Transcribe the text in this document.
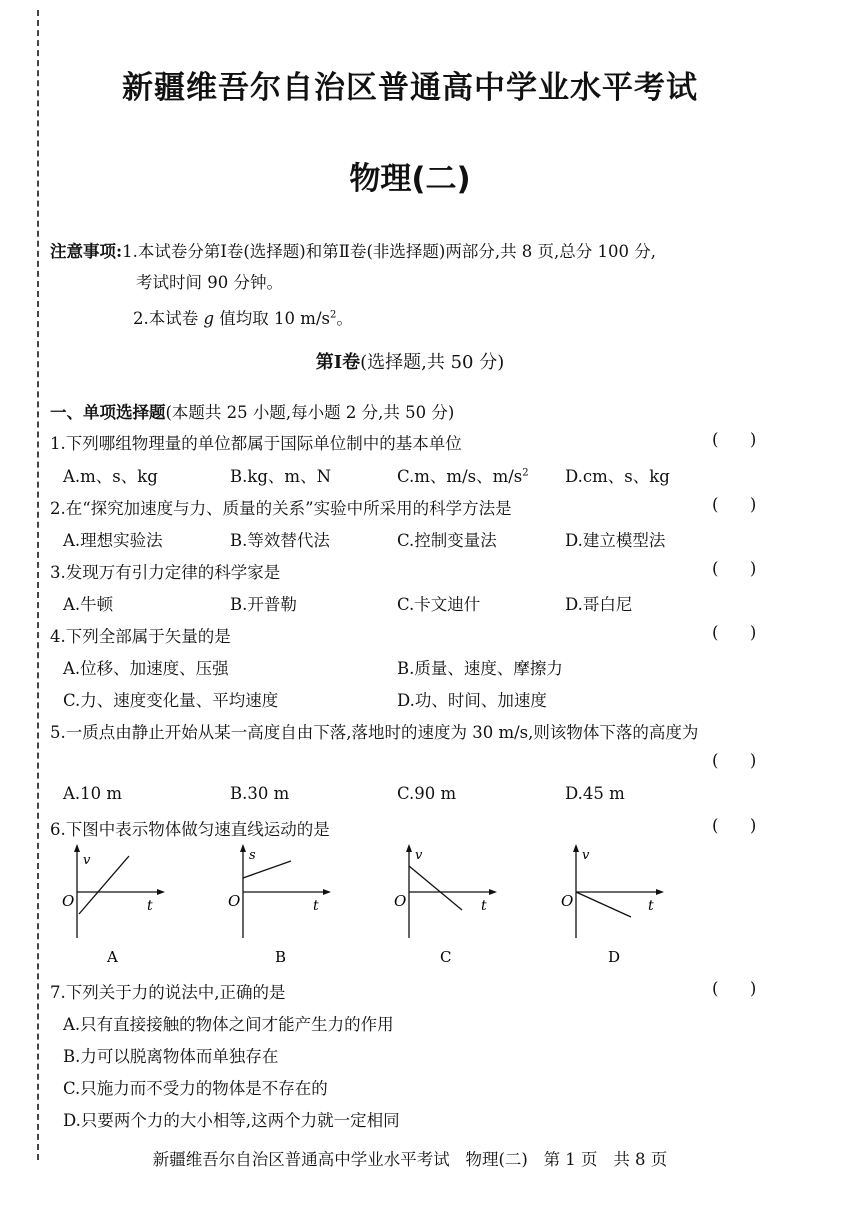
新疆维吾尔自治区普通高中学业水平考试
物理(二)
注意事项:1.本试卷分第Ⅰ卷(选择题)和第Ⅱ卷(非选择题)两部分,共 8 页,总分 100 分,
考试时间 90 分钟。
2.本试卷 g 值均取 10 $m/s^2$。
第Ⅰ卷(选择题,共 50 分)
一、单项选择题(本题共 25 小题,每小题 2 分,共 50 分)
1.下列哪组物理量的单位都属于国际单位制中的基本单位	(      )
A.m、s、kg	B.kg、m、N	C.m、m/s、$m/s^2$ D.cm、s、kg
2.在“探究加速度与力、质量的关系”实验中所采用的科学方法是	(      )
A.理想实验法	B.等效替代法	C.控制变量法	D.建立模型法
3.发现万有引力定律的科学家是	(      )
A.牛顿	B.开普勒	C.卡文迪什	D.哥白尼
4.下列全部属于矢量的是	(      )
A.位移、加速度、压强	B.质量、速度、摩擦力
C.力、速度变化量、平均速度	D.功、时间、加速度
5.一质点由静止开始从某一高度自由下落,落地时的速度为 30 m/s,则该物体下落的高度为
(      )
A.10 m	B.30 m	C.90 m	D.45 m
6.下图中表示物体做匀速直线运动的是	(      )
v
O	t
A
s
O	t
B
v
O	t
C
v
O	t
D
7.下列关于力的说法中,正确的是	(      )
A.只有直接接触的物体之间才能产生力的作用
B.力可以脱离物体而单独存在
C.只施力而不受力的物体是不存在的
D.只要两个力的大小相等,这两个力就一定相同
新疆维吾尔自治区普通高中学业水平考试 物理(二) 第 1 页 共 8 页
